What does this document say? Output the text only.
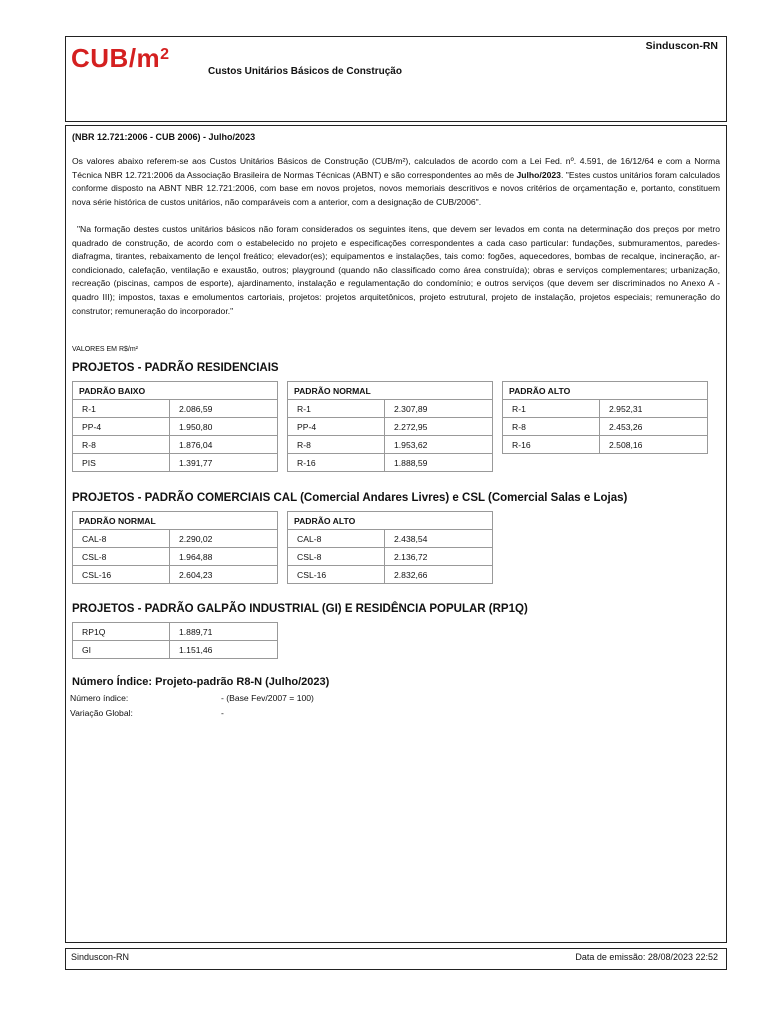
CUB/$m^2$
Custos Unitários Básicos de Construção
Sinduscon-RN
(NBR 12.721:2006 - CUB 2006) - Julho/2023
Os valores abaixo referem-se aos Custos Unitários Básicos de Construção (CUB/m²), calculados de acordo com a Lei Fed. nº. 4.591, de 16/12/64 e com a Norma Técnica NBR 12.721:2006 da Associação Brasileira de Normas Técnicas (ABNT) e são correspondentes ao mês de Julho/2023. "Estes custos unitários foram calculados conforme disposto na ABNT NBR 12.721:2006, com base em novos projetos, novos memoriais descritivos e novos critérios de orçamentação e, portanto, constituem nova série histórica de custos unitários, não comparáveis com a anterior, com a designação de CUB/2006".
"Na formação destes custos unitários básicos não foram considerados os seguintes itens, que devem ser levados em conta na determinação dos preços por metro quadrado de construção, de acordo com o estabelecido no projeto e especificações correspondentes a cada caso particular: fundações, submuramentos, paredes-diafragma, tirantes, rebaixamento de lençol freático; elevador(es); equipamentos e instalações, tais como: fogões, aquecedores, bombas de recalque, incineração, ar-condicionado, calefação, ventilação e exaustão, outros; playground (quando não classificado como área construída); obras e serviços complementares; urbanização, recreação (piscinas, campos de esporte), ajardinamento, instalação e regulamentação do condomínio; e outros serviços (que devem ser discriminados no Anexo A - quadro III); impostos, taxas e emolumentos cartoriais, projetos: projetos arquitetônicos, projeto estrutural, projeto de instalação, projetos especiais; remuneração do construtor; remuneração do incorporador."
VALORES EM R$/m²
PROJETOS - PADRÃO RESIDENCIAIS
PADRÃO BAIXO	
R-1	2.086,59
PP-4	1.950,80
R-8	1.876,04
PIS	1.391,77
PADRÃO NORMAL	
R-1	2.307,89
PP-4	2.272,95
R-8	1.953,62
R-16	1.888,59
PADRÃO ALTO	
R-1	2.952,31
R-8	2.453,26
R-16	2.508,16
PROJETOS - PADRÃO COMERCIAIS CAL (Comercial Andares Livres) e CSL (Comercial Salas e Lojas)
PADRÃO NORMAL	
CAL-8	2.290,02
CSL-8	1.964,88
CSL-16	2.604,23
PADRÃO ALTO	
CAL-8	2.438,54
CSL-8	2.136,72
CSL-16	2.832,66
PROJETOS - PADRÃO GALPÃO INDUSTRIAL (GI) E RESIDÊNCIA POPULAR (RP1Q)
RP1Q	1.889,71
GI	1.151,46
Número Índice: Projeto-padrão R8-N (Julho/2023)
Número índice:	- (Base Fev/2007 = 100)
Variação Global:	-
Sinduscon-RN	Data de emissão: 28/08/2023 22:52
